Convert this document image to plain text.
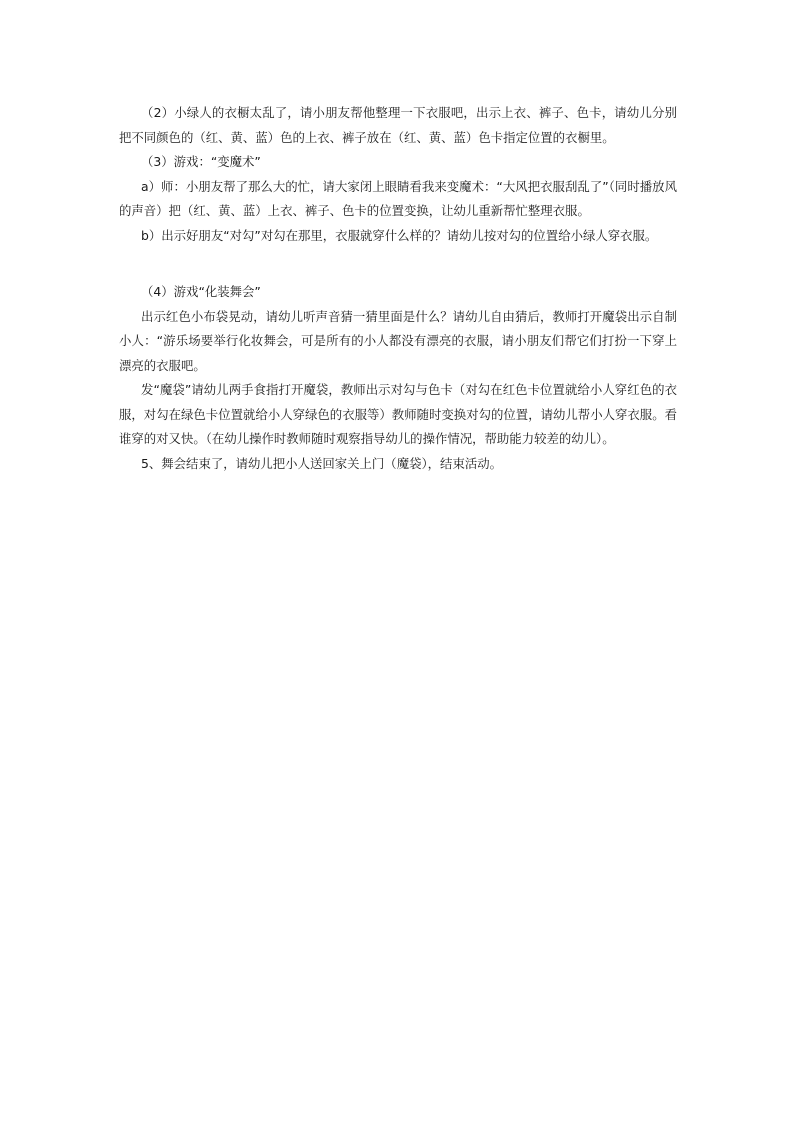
（2）小绿人的衣橱太乱了，请小朋友帮他整理一下衣服吧，出示上衣、裤子、色卡，请幼儿分别把不同颜色的（红、黄、蓝）色的上衣、裤子放在（红、黄、蓝）色卡指定位置的衣橱里。

（3）游戏：“变魔术”

a）师：小朋友帮了那么大的忙，请大家闭上眼睛看我来变魔术：“大风把衣服刮乱了”（同时播放风的声音）把（红、黄、蓝）上衣、裤子、色卡的位置变换，让幼儿重新帮忙整理衣服。

b）出示好朋友“对勾”对勾在那里，衣服就穿什么样的？请幼儿按对勾的位置给小绿人穿衣服。

（4）游戏“化装舞会”

出示红色小布袋晃动，请幼儿听声音猜一猜里面是什么？请幼儿自由猜后，教师打开魔袋出示自制小人：“游乐场要举行化妆舞会，可是所有的小人都没有漂亮的衣服，请小朋友们帮它们打扮一下穿上漂亮的衣服吧。

发“魔袋”请幼儿两手食指打开魔袋，教师出示对勾与色卡（对勾在红色卡位置就给小人穿红色的衣服，对勾在绿色卡位置就给小人穿绿色的衣服等）教师随时变换对勾的位置，请幼儿帮小人穿衣服。看谁穿的对又快。（在幼儿操作时教师随时观察指导幼儿的操作情况，帮助能力较差的幼儿）。

5、舞会结束了，请幼儿把小人送回家关上门（魔袋），结束活动。
